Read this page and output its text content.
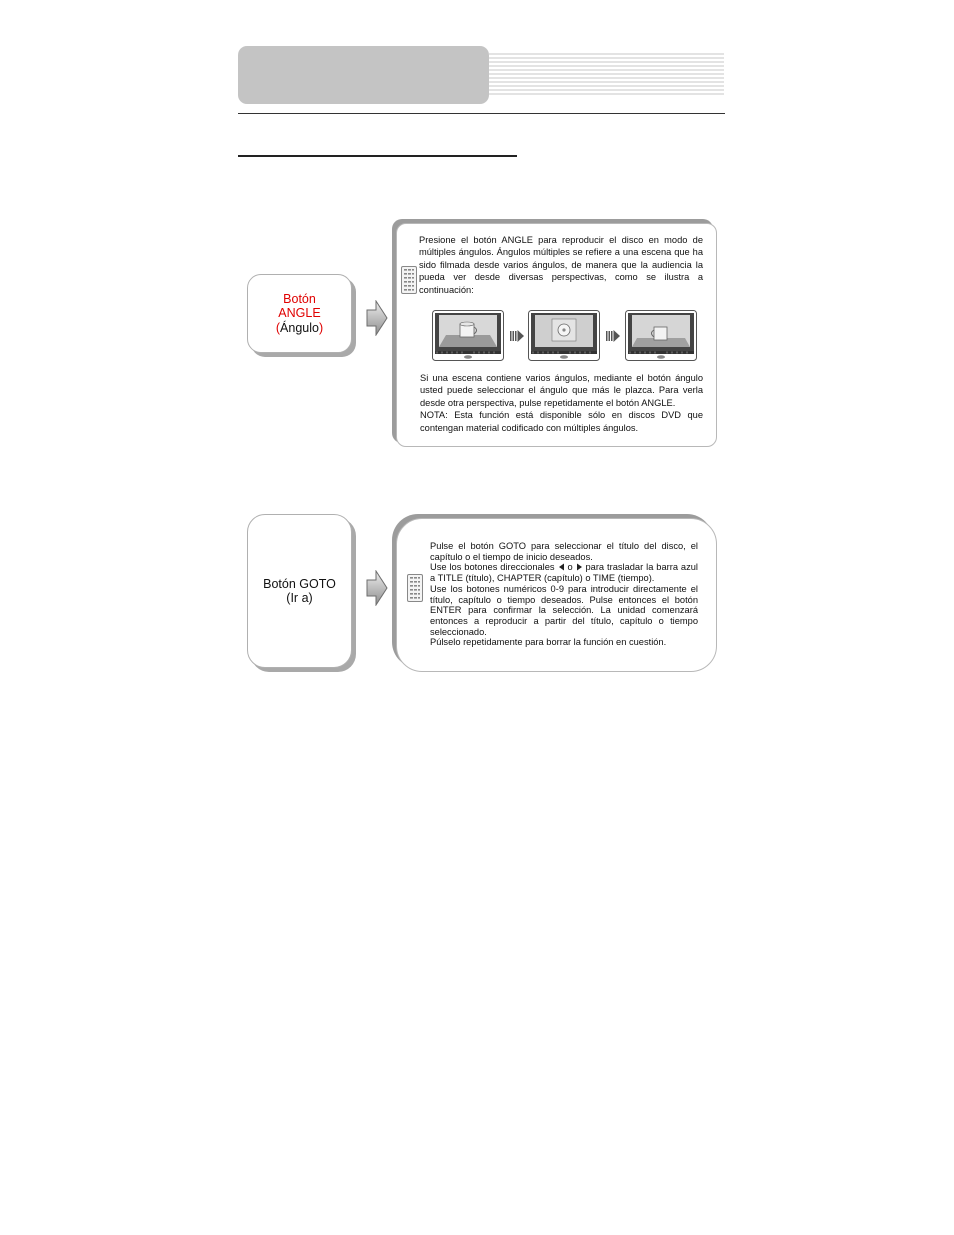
Botón
ANGLE
(Ángulo)

Presione el botón ANGLE para reproducir el disco en modo de múltiples ángulos. Ángulos múltiples se refiere a una escena que ha sido filmada desde varios ángulos, de manera que la audiencia la pueda ver desde diversas perspectivas, como se ilustra a continuación:

Si una escena contiene varios ángulos, mediante el botón ángulo usted puede seleccionar el ángulo que más le plazca. Para verla desde otra perspectiva, pulse repetidamente el botón ANGLE.

NOTA: Esta función está disponible sólo en discos DVD que contengan material codificado con múltiples ángulos.

Botón GOTO
(Ir a)

Pulse el botón GOTO para seleccionar el título del disco, el capítulo o el tiempo de inicio deseados.

Use los botones direccionales o para trasladar la barra azul a TITLE (título), CHAPTER (capítulo) o TIME (tiempo).

Use los botones numéricos 0-9 para introducir directamente el título, capítulo o tiempo deseados. Pulse entonces el botón ENTER para confirmar la selección. La unidad comenzará entonces a reproducir a partir del título, capítulo o tiempo seleccionado.

Púlselo repetidamente para borrar la función en cuestión.
